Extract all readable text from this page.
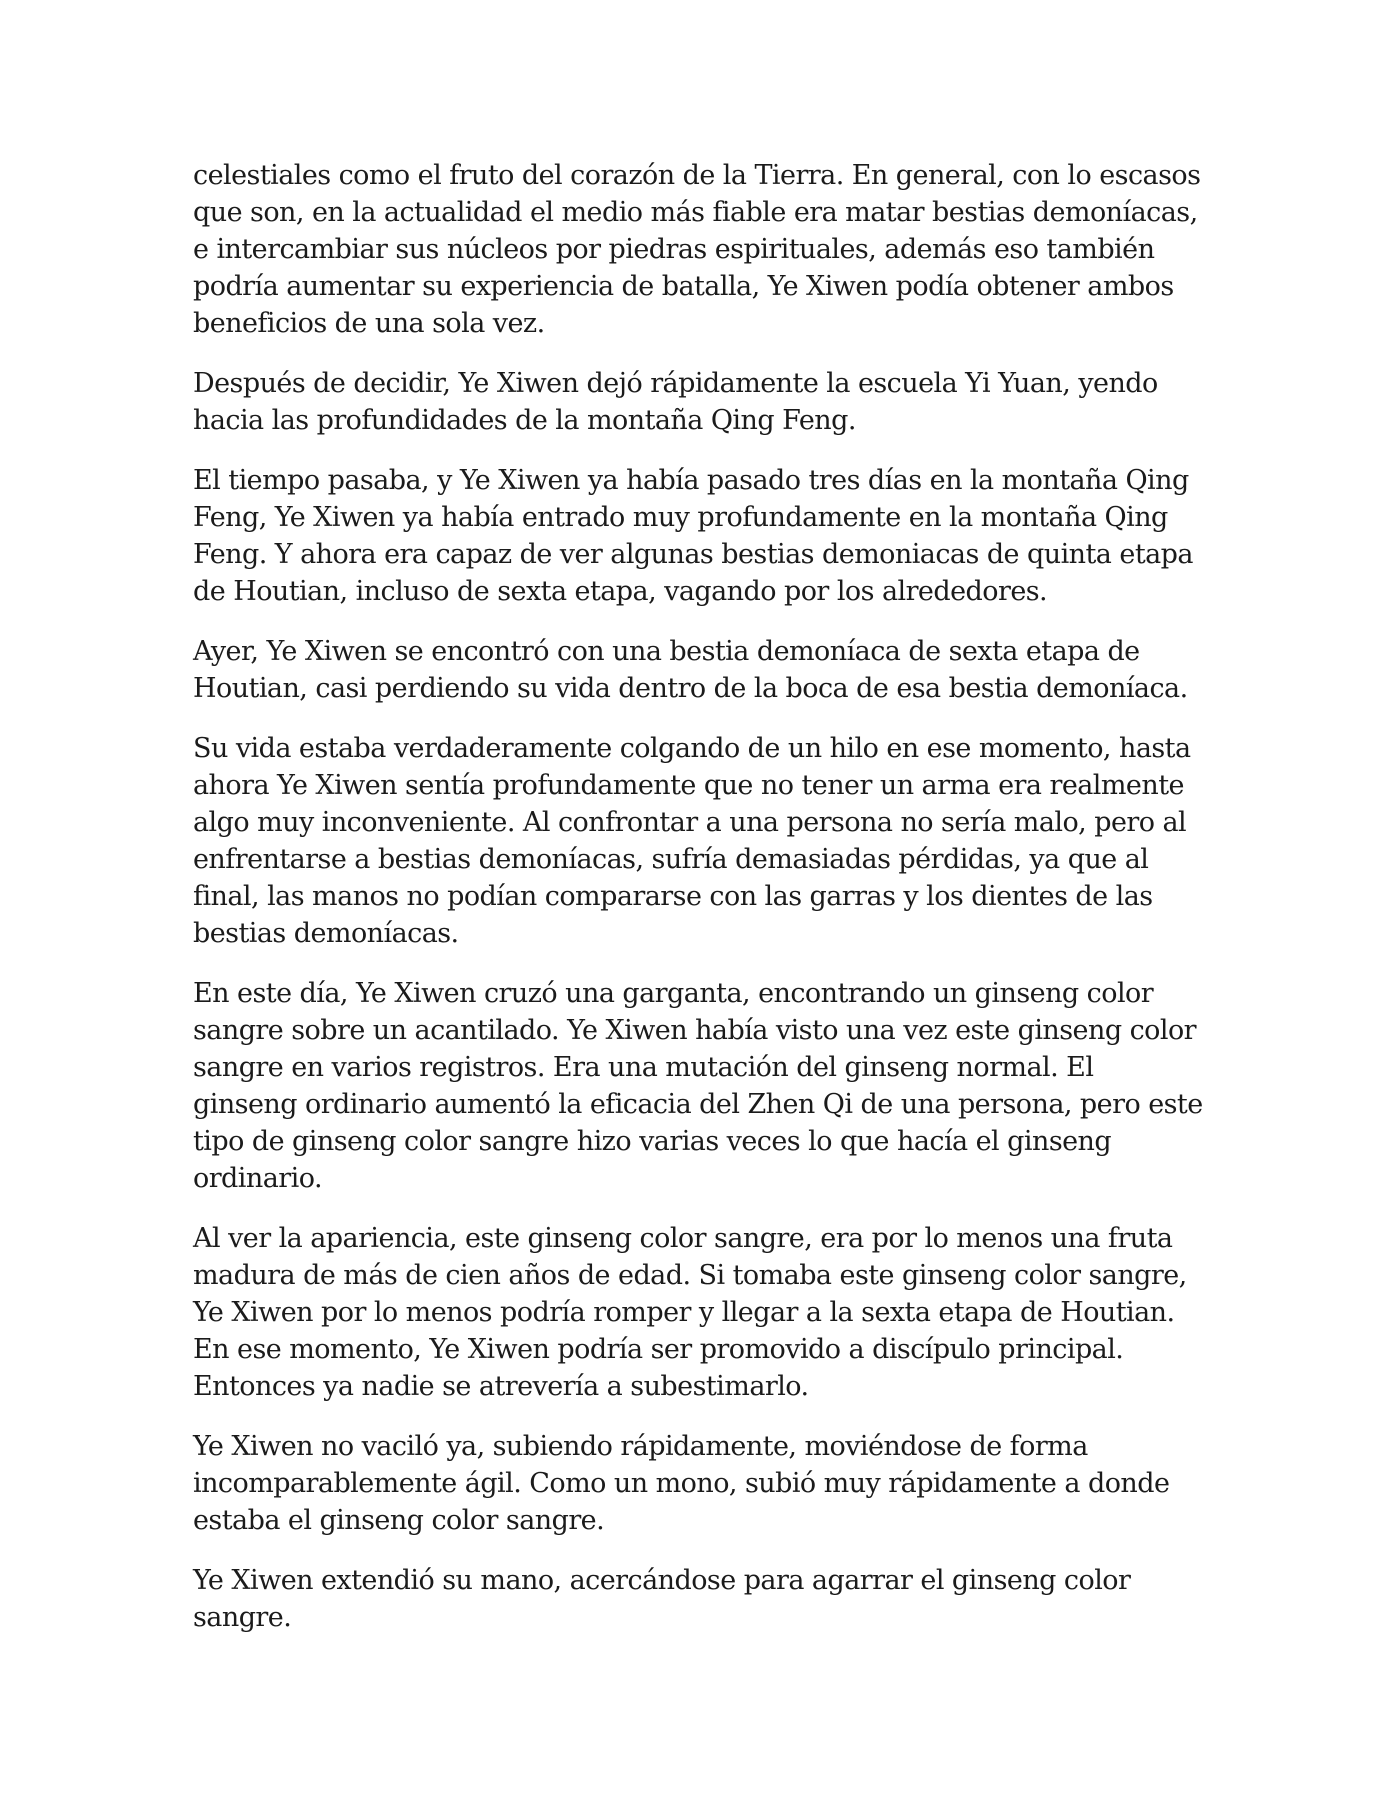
celestiales como el fruto del corazón de la Tierra. En general, con lo escasos que son, en la actualidad el medio más fiable era matar bestias demoníacas, e intercambiar sus núcleos por piedras espirituales, además eso también podría aumentar su experiencia de batalla, Ye Xiwen podía obtener ambos beneficios de una sola vez.

Después de decidir, Ye Xiwen dejó rápidamente la escuela Yi Yuan, yendo hacia las profundidades de la montaña Qing Feng.

El tiempo pasaba, y Ye Xiwen ya había pasado tres días en la montaña Qing Feng, Ye Xiwen ya había entrado muy profundamente en la montaña Qing Feng. Y ahora era capaz de ver algunas bestias demoniacas de quinta etapa de Houtian, incluso de sexta etapa, vagando por los alrededores.

Ayer, Ye Xiwen se encontró con una bestia demoníaca de sexta etapa de Houtian, casi perdiendo su vida dentro de la boca de esa bestia demoníaca.

Su vida estaba verdaderamente colgando de un hilo en ese momento, hasta ahora Ye Xiwen sentía profundamente que no tener un arma era realmente algo muy inconveniente. Al confrontar a una persona no sería malo, pero al enfrentarse a bestias demoníacas, sufría demasiadas pérdidas, ya que al final, las manos no podían compararse con las garras y los dientes de las bestias demoníacas.

En este día, Ye Xiwen cruzó una garganta, encontrando un ginseng color sangre sobre un acantilado. Ye Xiwen había visto una vez este ginseng color sangre en varios registros. Era una mutación del ginseng normal. El ginseng ordinario aumentó la eficacia del Zhen Qi de una persona, pero este tipo de ginseng color sangre hizo varias veces lo que hacía el ginseng ordinario.

Al ver la apariencia, este ginseng color sangre, era por lo menos una fruta madura de más de cien años de edad. Si tomaba este ginseng color sangre, Ye Xiwen por lo menos podría romper y llegar a la sexta etapa de Houtian. En ese momento, Ye Xiwen podría ser promovido a discípulo principal. Entonces ya nadie se atrevería a subestimarlo.

Ye Xiwen no vaciló ya, subiendo rápidamente, moviéndose de forma incomparablemente ágil. Como un mono, subió muy rápidamente a donde estaba el ginseng color sangre.

Ye Xiwen extendió su mano, acercándose para agarrar el ginseng color sangre.
